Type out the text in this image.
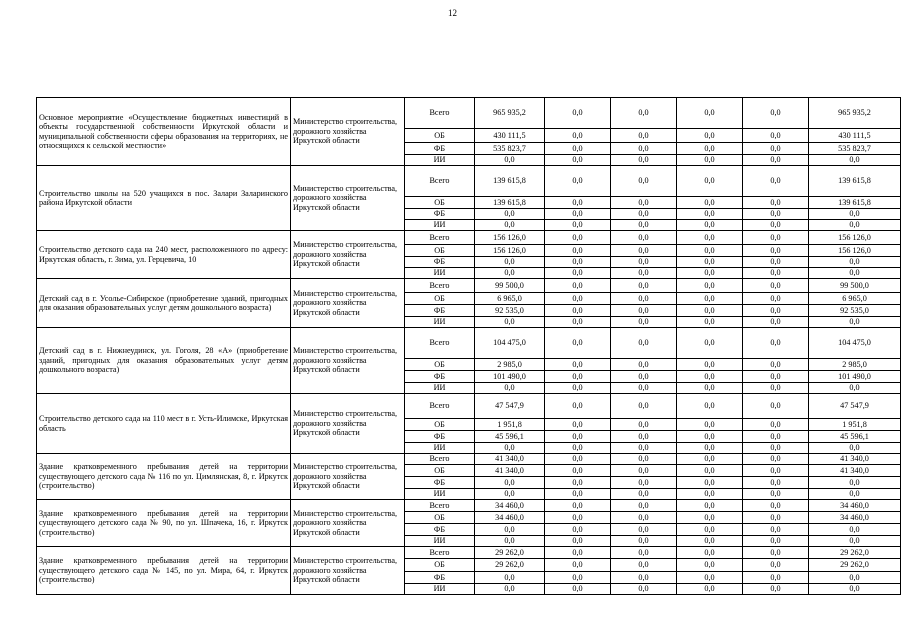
12
Основное мероприятие «Осуществление бюджетных инвестиций в объекты государственной собственности Иркутской области и муниципальной собственности сферы образования на территориях, не относящихся к сельской местности»	Министерство строительства, дорожного хозяйства Иркутской области	Всего	965 935,2	0,0	0,0	0,0	0,0	965 935,2
		ОБ	430 111,5	0,0	0,0	0,0	0,0	430 111,5
		ФБ	535 823,7	0,0	0,0	0,0	0,0	535 823,7
		ИИ	0,0	0,0	0,0	0,0	0,0	0,0
Строительство школы на 520 учащихся в пос. Залари Заларинского района Иркутской области	Министерство строительства, дорожного хозяйства Иркутской области	Всего	139 615,8	0,0	0,0	0,0	0,0	139 615,8
		ОБ	139 615,8	0,0	0,0	0,0	0,0	139 615,8
		ФБ	0,0	0,0	0,0	0,0	0,0	0,0
		ИИ	0,0	0,0	0,0	0,0	0,0	0,0
Строительство детского сада на 240 мест, расположенного по адресу: Иркутская область, г. Зима, ул. Герцевича, 10	Министерство строительства, дорожного хозяйства Иркутской области	Всего	156 126,0	0,0	0,0	0,0	0,0	156 126,0
		ОБ	156 126,0	0,0	0,0	0,0	0,0	156 126,0
		ФБ	0,0	0,0	0,0	0,0	0,0	0,0
		ИИ	0,0	0,0	0,0	0,0	0,0	0,0
Детский сад в г. Усолье-Сибирское (приобретение зданий, пригодных для оказания образовательных услуг детям дошкольного возраста)	Министерство строительства, дорожного хозяйства Иркутской области	Всего	99 500,0	0,0	0,0	0,0	0,0	99 500,0
		ОБ	6 965,0	0,0	0,0	0,0	0,0	6 965,0
		ФБ	92 535,0	0,0	0,0	0,0	0,0	92 535,0
		ИИ	0,0	0,0	0,0	0,0	0,0	0,0
Детский сад в г. Нижнеудинск, ул. Гоголя, 28 «А» (приобретение зданий, пригодных для оказания образовательных услуг детям дошкольного возраста)	Министерство строительства, дорожного хозяйства Иркутской области	Всего	104 475,0	0,0	0,0	0,0	0,0	104 475,0
		ОБ	2 985,0	0,0	0,0	0,0	0,0	2 985,0
		ФБ	101 490,0	0,0	0,0	0,0	0,0	101 490,0
		ИИ	0,0	0,0	0,0	0,0	0,0	0,0
Строительство детского сада на 110 мест в г. Усть-Илимске, Иркутская область	Министерство строительства, дорожного хозяйства Иркутской области	Всего	47 547,9	0,0	0,0	0,0	0,0	47 547,9
		ОБ	1 951,8	0,0	0,0	0,0	0,0	1 951,8
		ФБ	45 596,1	0,0	0,0	0,0	0,0	45 596,1
		ИИ	0,0	0,0	0,0	0,0	0,0	0,0
Здание кратковременного пребывания детей на территории существующего детского сада № 116 по ул. Цимлянская, 8, г. Иркутск (строительство)	Министерство строительства, дорожного хозяйства Иркутской области	Всего	41 340,0	0,0	0,0	0,0	0,0	41 340,0
		ОБ	41 340,0	0,0	0,0	0,0	0,0	41 340,0
		ФБ	0,0	0,0	0,0	0,0	0,0	0,0
		ИИ	0,0	0,0	0,0	0,0	0,0	0,0
Здание кратковременного пребывания детей на территории существующего детского сада № 90, по ул. Шпачека, 16, г. Иркутск (строительство)	Министерство строительства, дорожного хозяйства Иркутской области	Всего	34 460,0	0,0	0,0	0,0	0,0	34 460,0
		ОБ	34 460,0	0,0	0,0	0,0	0,0	34 460,0
		ФБ	0,0	0,0	0,0	0,0	0,0	0,0
		ИИ	0,0	0,0	0,0	0,0	0,0	0,0
Здание кратковременного пребывания детей на территории существующего детского сада № 145, по ул. Мира, 64, г. Иркутск (строительство)	Министерство строительства, дорожного хозяйства Иркутской области	Всего	29 262,0	0,0	0,0	0,0	0,0	29 262,0
		ОБ	29 262,0	0,0	0,0	0,0	0,0	29 262,0
		ФБ	0,0	0,0	0,0	0,0	0,0	0,0
		ИИ	0,0	0,0	0,0	0,0	0,0	0,0
